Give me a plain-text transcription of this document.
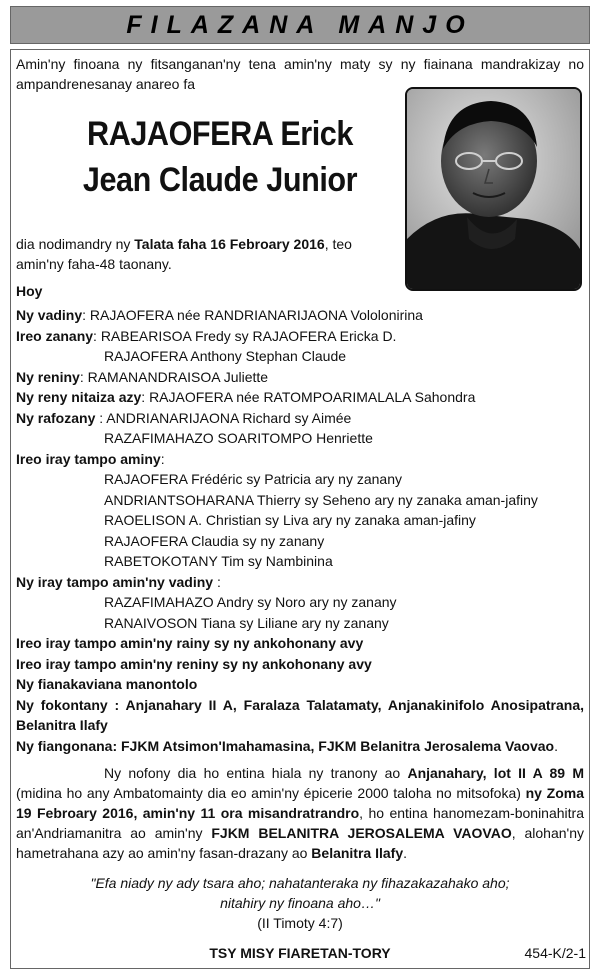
FILAZANA MANJO
Amin'ny finoana ny fitsanganan'ny tena amin'ny maty sy ny fiainana mandrakizay no ampandrenesanay anareo fa
RAJAOFERA Erick
Jean Claude Junior
dia nodimandry ny Talata faha 16 Febroary 2016, teo amin'ny faha-48 taonany.
Hoy
Ny vadiny: RAJAOFERA née RANDRIANARIJAONA Vololonirina
Ireo zanany: RABEARISOA Fredy sy RAJAOFERA Ericka D.
RAJAOFERA Anthony Stephan Claude
Ny reniny: RAMANANDRAISOA Juliette
Ny reny nitaiza azy: RAJAOFERA née RATOMPOARIMALALA Sahondra
Ny rafozany : ANDRIANARIJAONA Richard sy Aimée
RAZAFIMAHAZO SOARITOMPO Henriette
Ireo iray tampo aminy:
RAJAOFERA Frédéric sy Patricia ary ny zanany
ANDRIANTSOHARANA Thierry sy Seheno ary ny zanaka aman-jafiny
RAOELISON A. Christian sy Liva ary ny zanaka aman-jafiny
RAJAOFERA Claudia sy ny zanany
RABETOKOTANY Tim sy Nambinina
Ny iray tampo amin'ny vadiny :
RAZAFIMAHAZO Andry sy Noro ary ny zanany
RANAIVOSON Tiana sy Liliane ary ny zanany
Ireo iray tampo amin'ny rainy sy ny ankohonany avy
Ireo iray tampo amin'ny reniny sy ny ankohonany avy
Ny fianakaviana manontolo
Ny fokontany : Anjanahary II A, Faralaza Talatamaty, Anjanakinifolo Anosipatrana, Belanitra Ilafy
Ny fiangonana: FJKM Atsimon'Imahamasina, FJKM Belanitra Jerosalema Vaovao.
Ny nofony dia ho entina hiala ny tranony ao Anjanahary, lot II A 89 M (midina ho any Ambatomainty dia eo amin'ny épicerie 2000 taloha no mitsofoka) ny Zoma 19 Febroary 2016, amin'ny 11 ora misandratrandro, ho entina hanomezam-boninahitra an'Andriamanitra ao amin'ny FJKM BELANITRA JEROSALEMA VAOVAO, alohan'ny hametrahana azy ao amin'ny fasan-drazany ao Belanitra Ilafy.
"Efa niady ny ady tsara aho; nahatanteraka ny fihazakazahako aho;
nitahiry ny finoana aho…"
(II Timoty 4:7)
TSY MISY FIARETAN-TORY	454-K/2-1
